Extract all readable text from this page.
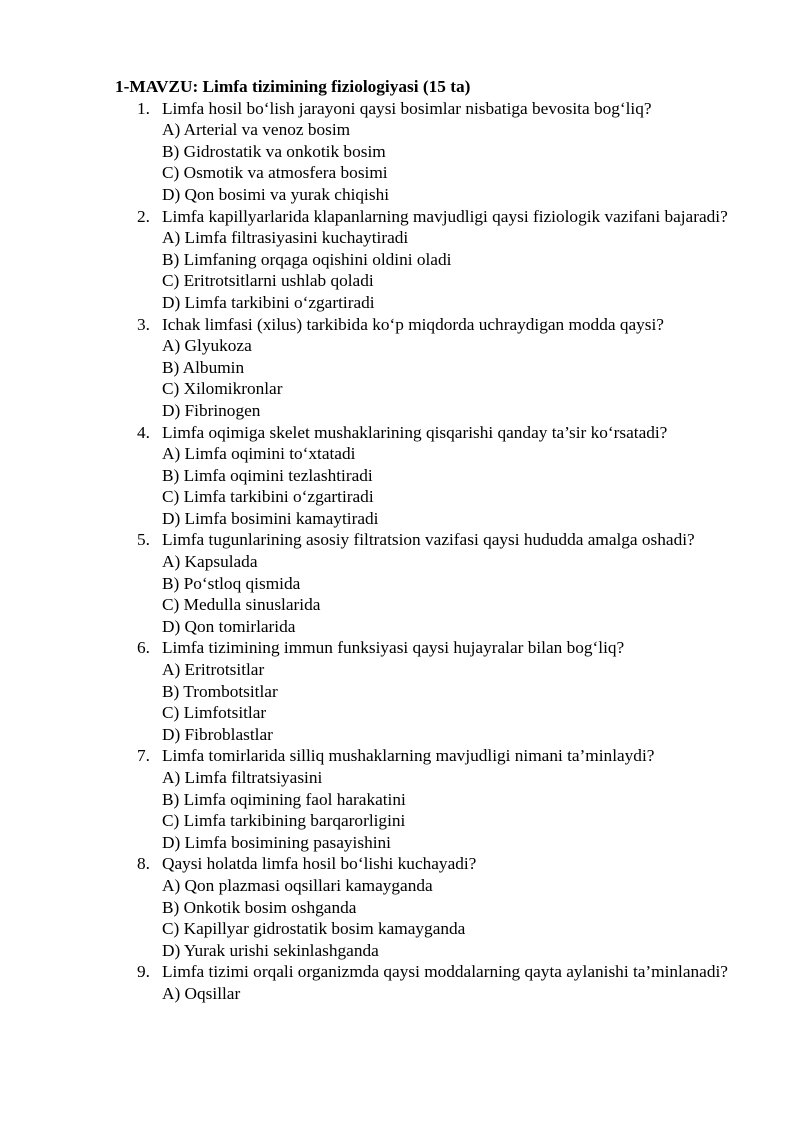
1-MAVZU: Limfa tizimining fiziologiyasi (15 ta)
1. Limfa hosil bo‘lish jarayoni qaysi bosimlar nisbatiga bevosita bog‘liq?
A) Arterial va venoz bosim
B) Gidrostatik va onkotik bosim
C) Osmotik va atmosfera bosimi
D) Qon bosimi va yurak chiqishi
2. Limfa kapillyarlarida klapanlarning mavjudligi qaysi fiziologik vazifani bajaradi?
A) Limfa filtrasiyasini kuchaytiradi
B) Limfaning orqaga oqishini oldini oladi
C) Eritrotsitlarni ushlab qoladi
D) Limfa tarkibini o‘zgartiradi
3. Ichak limfasi (xilus) tarkibida ko‘p miqdorda uchraydigan modda qaysi?
A) Glyukoza
B) Albumin
C) Xilomikronlar
D) Fibrinogen
4. Limfa oqimiga skelet mushaklarining qisqarishi qanday ta’sir ko‘rsatadi?
A) Limfa oqimini to‘xtatadi
B) Limfa oqimini tezlashtiradi
C) Limfa tarkibini o‘zgartiradi
D) Limfa bosimini kamaytiradi
5. Limfa tugunlarining asosiy filtratsion vazifasi qaysi hududda amalga oshadi?
A) Kapsulada
B) Po‘stloq qismida
C) Medulla sinuslarida
D) Qon tomirlarida
6. Limfa tizimining immun funksiyasi qaysi hujayralar bilan bog‘liq?
A) Eritrotsitlar
B) Trombotsitlar
C) Limfotsitlar
D) Fibroblastlar
7. Limfa tomirlarida silliq mushaklarning mavjudligi nimani ta’minlaydi?
A) Limfa filtratsiyasini
B) Limfa oqimining faol harakatini
C) Limfa tarkibining barqarorligini
D) Limfa bosimining pasayishini
8. Qaysi holatda limfa hosil bo‘lishi kuchayadi?
A) Qon plazmasi oqsillari kamayganda
B) Onkotik bosim oshganda
C) Kapillyar gidrostatik bosim kamayganda
D) Yurak urishi sekinlashganda
9. Limfa tizimi orqali organizmda qaysi moddalarning qayta aylanishi ta’minlanadi?
A) Oqsillar
